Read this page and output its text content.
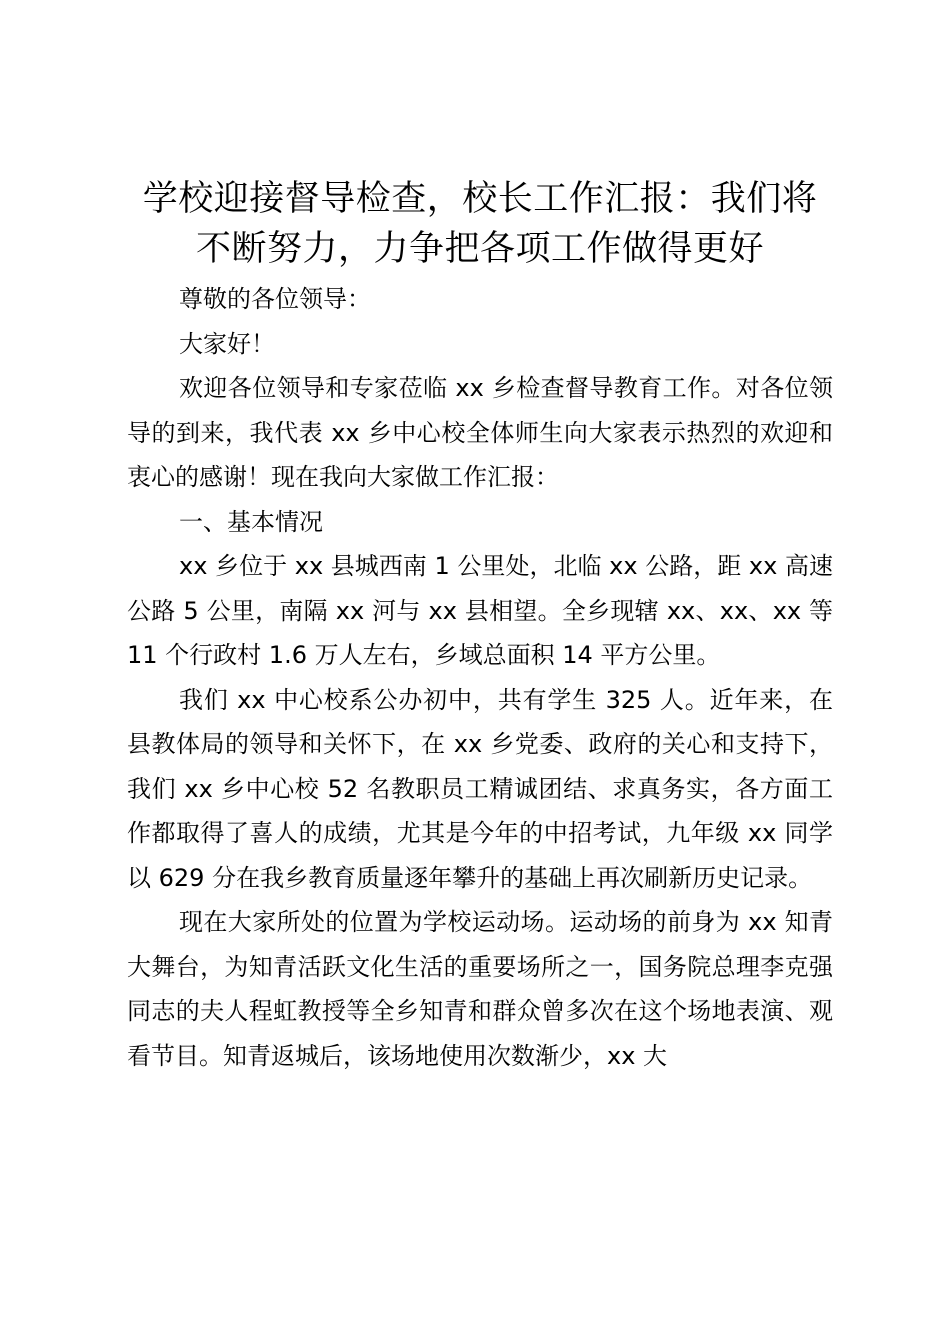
学校迎接督导检查，校长工作汇报：我们将不断努力，力争把各项工作做得更好

尊敬的各位领导：

大家好！

欢迎各位领导和专家莅临 xx 乡检查督导教育工作。对各位领导的到来，我代表 xx 乡中心校全体师生向大家表示热烈的欢迎和衷心的感谢！现在我向大家做工作汇报：

一、基本情况

xx 乡位于 xx 县城西南 1 公里处，北临 xx 公路，距 xx 高速公路 5 公里，南隔 xx 河与 xx 县相望。全乡现辖 xx、xx、xx 等 11 个行政村 1.6 万人左右，乡域总面积 14 平方公里。

我们 xx 中心校系公办初中，共有学生 325 人。近年来，在县教体局的领导和关怀下，在 xx 乡党委、政府的关心和支持下，我们 xx 乡中心校 52 名教职员工精诚团结、求真务实，各方面工作都取得了喜人的成绩，尤其是今年的中招考试，九年级 xx 同学以 629 分在我乡教育质量逐年攀升的基础上再次刷新历史记录。

现在大家所处的位置为学校运动场。运动场的前身为 xx 知青大舞台，为知青活跃文化生活的重要场所之一，国务院总理李克强同志的夫人程虹教授等全乡知青和群众曾多次在这个场地表演、观看节目。知青返城后，该场地使用次数渐少，xx 大
